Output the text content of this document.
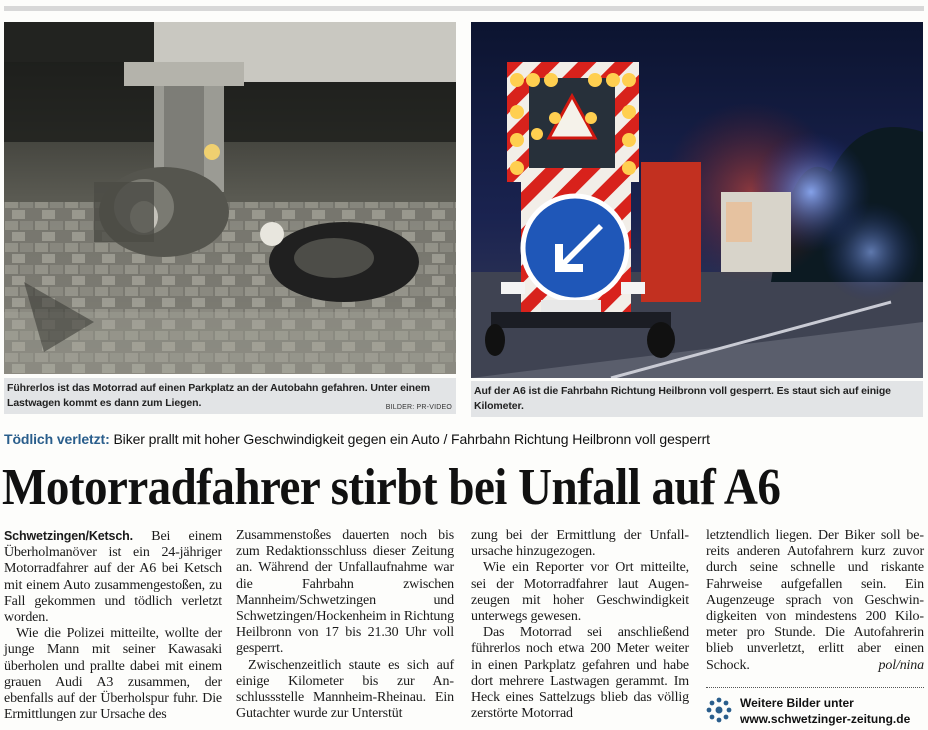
Führerlos ist das Motorrad auf einen Parkplatz an der Autobahn gefahren. Unter einem Lastwagen kommt es dann zum Liegen.	BILDER: PR-VIDEO
Auf der A6 ist die Fahrbahn Richtung Heilbronn voll gesperrt. Es staut sich auf einige Kilometer.
Tödlich verletzt: Biker prallt mit hoher Geschwindigkeit gegen ein Auto / Fahrbahn Richtung Heilbronn voll gesperrt
Motorradfahrer stirbt bei Unfall auf A6

Schwetzingen/Ketsch. Bei einem Überholmanöver ist ein 24-jähriger Motorradfahrer auf der A6 bei Ketsch mit einem Auto zusammengestoßen, zu Fall gekommen und tödlich verletzt worden.

Wie die Polizei mitteilte, wollte der junge Mann mit seiner Kawasaki überholen und prallte dabei mit einem grauen Audi A3 zusammen, der ebenfalls auf der Überholspur fuhr. Die Ermittlungen zur Ursache des

Zusammenstoßes dauerten noch bis zum Redaktionsschluss dieser Zeitung an. Während der Unfallaufnahme war die Fahrbahn zwischen Mannheim/Schwetzingen und Schwetzingen/Hockenheim in Richtung Heilbronn von 17 bis 21.30 Uhr voll gesperrt.

Zwischenzeitlich staute es sich auf einige Kilometer bis zur Anschlussstelle Mannheim-Rheinau. Ein Gutachter wurde zur Unterstüt

zung bei der Ermittlung der Unfallursache hinzugezogen.

Wie ein Reporter vor Ort mitteilte, sei der Motorradfahrer laut Augenzeugen mit hoher Geschwindigkeit unterwegs gewesen.

Das Motorrad sei anschließend führerlos noch etwa 200 Meter weiter in einen Parkplatz gefahren und habe dort mehrere Lastwagen gerammt. Im Heck eines Sattelzugs blieb das völlig zerstörte Motorrad

letztendlich liegen. Der Biker soll bereits anderen Autofahrern kurz zuvor durch seine schnelle und riskante Fahrweise aufgefallen sein. Ein Augenzeuge sprach von Geschwindigkeiten von mindestens 200 Kilometer pro Stunde. Die Autofahrerin blieb unverletzt, erlitt aber einen Schock.	pol/nina

Weitere Bilder unter
www.schwetzinger-zeitung.de
